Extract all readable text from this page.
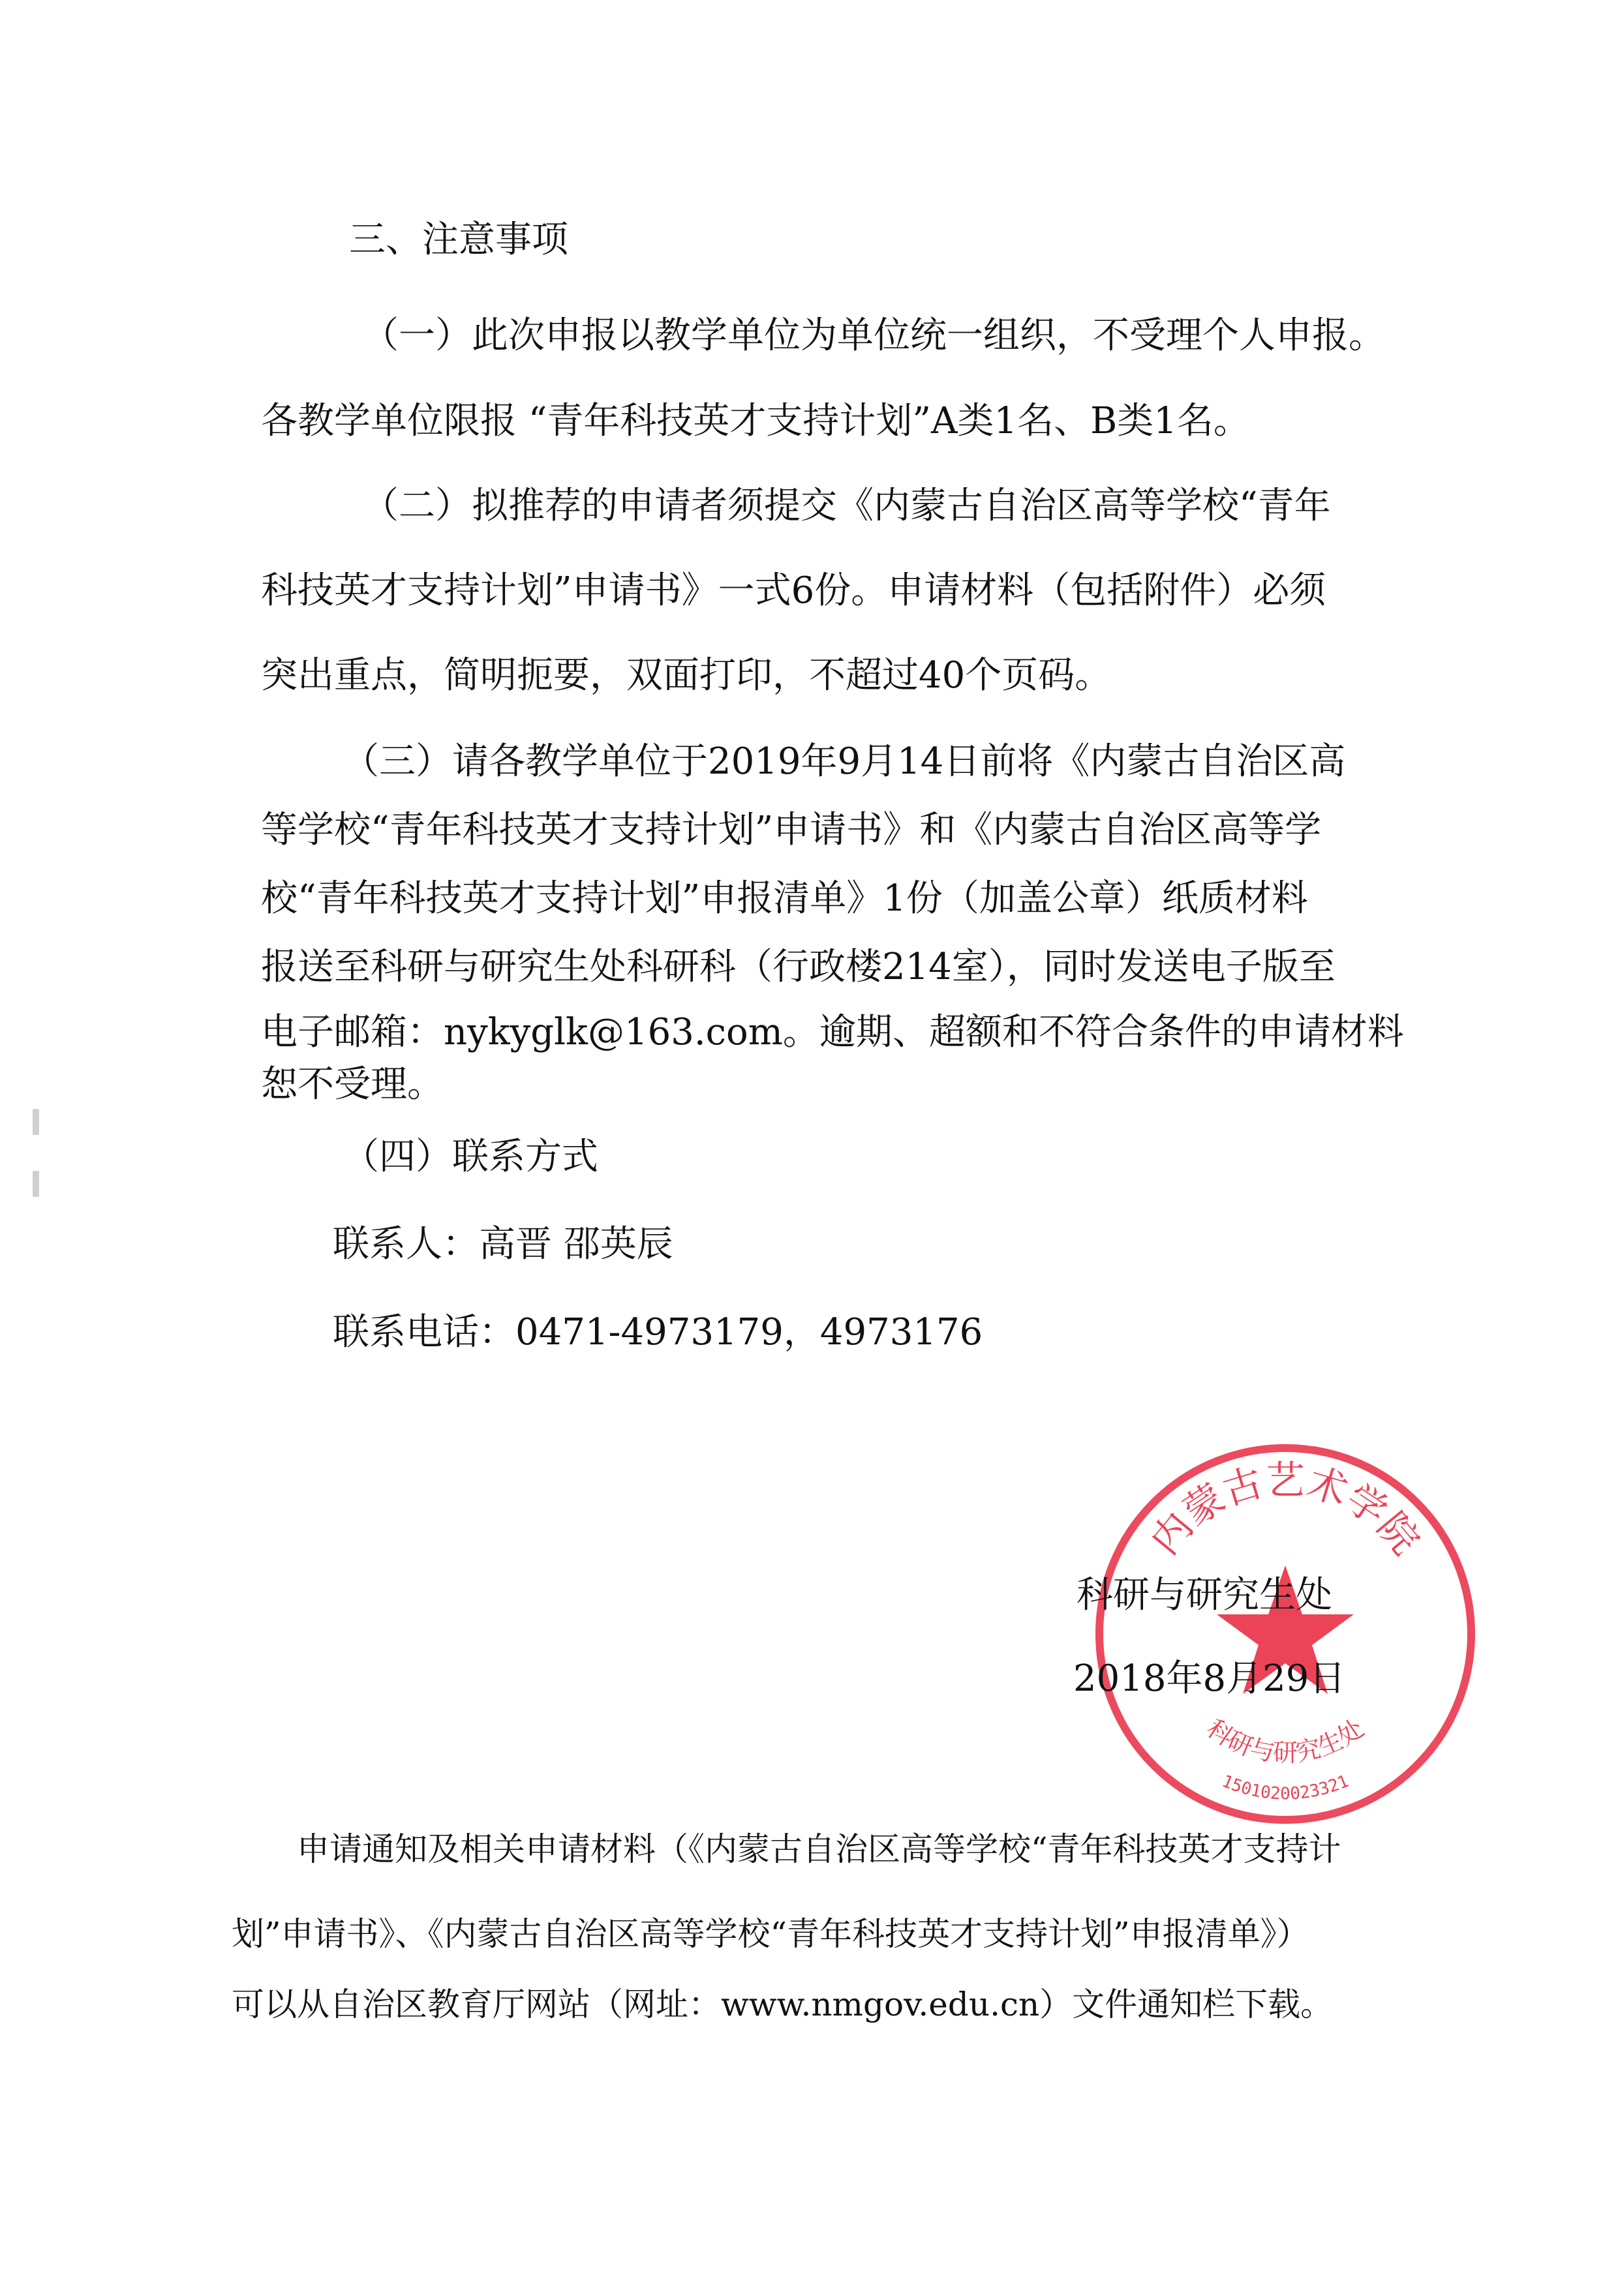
三、注意事项

（一）此次申报以教学单位为单位统一组织，不受理个人申报。

各教学单位限报 “青年科技英才支持计划”A类1名、B类1名。

（二）拟推荐的申请者须提交《内蒙古自治区高等学校“青年

科技英才支持计划”申请书》一式6份。申请材料（包括附件）必须

突出重点，简明扼要，双面打印，不超过40个页码。

（三）请各教学单位于2019年9月14日前将《内蒙古自治区高

等学校“青年科技英才支持计划”申请书》和《内蒙古自治区高等学

校“青年科技英才支持计划”申报清单》1份（加盖公章）纸质材料

报送至科研与研究生处科研科（行政楼214室），同时发送电子版至

电子邮箱：nykyglk@163.com。逾期、超额和不符合条件的申请材料

恕不受理。

（四）联系方式

联系人：高晋 邵英辰

联系电话：0471-4973179，4973176

内蒙古艺术学院
科研与研究生处
1501020023321

科研与研究生处

2018年8月29日

申请通知及相关申请材料（《内蒙古自治区高等学校“青年科技英才支持计

划”申请书》、《内蒙古自治区高等学校“青年科技英才支持计划”申报清单》）

可以从自治区教育厅网站（网址：www.nmgov.edu.cn）文件通知栏下载。
